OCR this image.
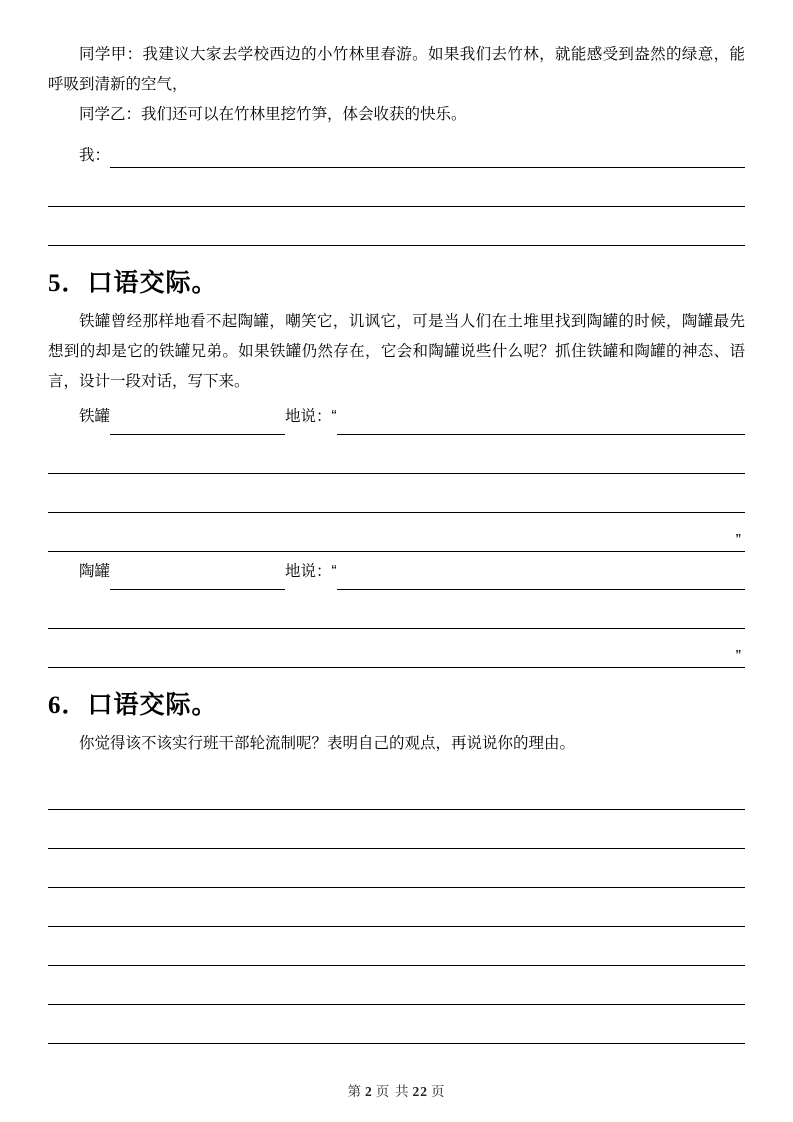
同学甲：我建议大家去学校西边的小竹林里春游。如果我们去竹林，就能感受到盎然的绿意，能呼吸到清新的空气，

同学乙：我们还可以在竹林里挖竹笋，体会收获的快乐。

我：
5．口语交际。

铁罐曾经那样地看不起陶罐，嘲笑它，讥讽它，可是当人们在土堆里找到陶罐的时候，陶罐最先想到的却是它的铁罐兄弟。如果铁罐仍然存在，它会和陶罐说些什么呢？抓住铁罐和陶罐的神态、语言，设计一段对话，写下来。

铁罐	地说：“
”
陶罐	地说：“
”
6．口语交际。

你觉得该不该实行班干部轮流制呢？表明自己的观点，再说说你的理由。

第 2 页 共 22 页
